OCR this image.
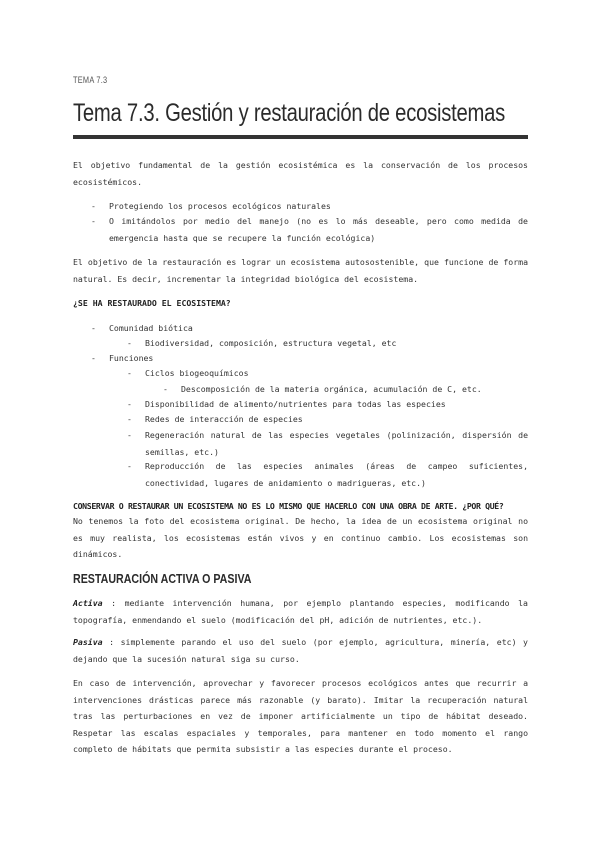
TEMA 7.3
Tema 7.3. Gestión y restauración de ecosistemas

El objetivo fundamental de la gestión ecosistémica es la conservación de los procesos ecosistémicos.

- Protegiendo los procesos ecológicos naturales
- O imitándolos por medio del manejo (no es lo más deseable, pero como medida de emergencia hasta que se recupere la función ecológica)

El objetivo de la restauración es lograr un ecosistema autosostenible, que funcione de forma natural. Es decir, incrementar la integridad biológica del ecosistema.

¿SE HA RESTAURADO EL ECOSISTEMA?

- Comunidad biótica
- Biodiversidad, composición, estructura vegetal, etc
- Funciones
- Ciclos biogeoquímicos
- Descomposición de la materia orgánica, acumulación de C, etc.
- Disponibilidad de alimento/nutrientes para todas las especies
- Redes de interacción de especies
- Regeneración natural de las especies vegetales (polinización, dispersión de semillas, etc.)

- Reproducción de las especies animales (áreas de campeo suficientes, conectividad, lugares de anidamiento o madrigueras, etc.)

CONSERVAR O RESTAURAR UN ECOSISTEMA NO ES LO MISMO QUE HACERLO CON UNA OBRA DE ARTE. ¿POR QUÉ?

No tenemos la foto del ecosistema original. De hecho, la idea de un ecosistema original no es muy realista, los ecosistemas están vivos y en continuo cambio. Los ecosistemas son dinámicos.

RESTAURACIÓN ACTIVA O PASIVA

Activa : mediante intervención humana, por ejemplo plantando especies, modificando la topografía, enmendando el suelo (modificación del pH, adición de nutrientes, etc.).

Pasiva : simplemente parando el uso del suelo (por ejemplo, agricultura, minería, etc) y dejando que la sucesión natural siga su curso.

En caso de intervención, aprovechar y favorecer procesos ecológicos antes que recurrir a intervenciones drásticas parece más razonable (y barato). Imitar la recuperación natural tras las perturbaciones en vez de imponer artificialmente un tipo de hábitat deseado. Respetar las escalas espaciales y temporales, para mantener en todo momento el rango completo de hábitats que permita subsistir a las especies durante el proceso.
